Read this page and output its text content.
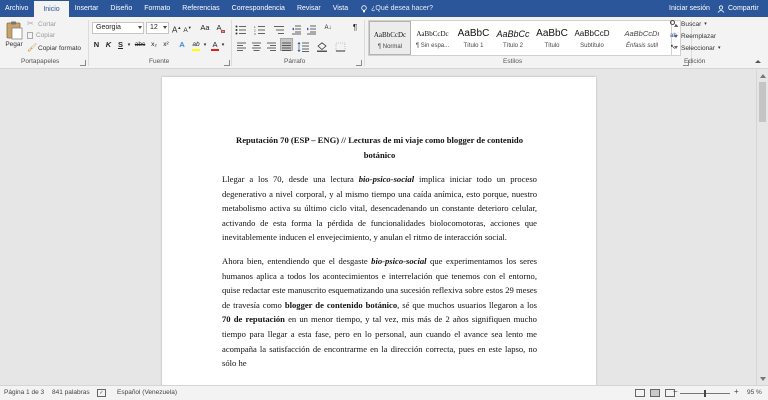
Archivo	Inicio	Insertar	Diseño	Formato	Referencias	Correspondencia	Revisar	Vista	¿Qué desea hacer?	Iniciar sesión	Compartir
Pegar
✂ Cortar
Copiar
🖌 Copiar formato
Portapapeles
Georgia	12	A▲ A▼	Aa A
N K S ▾ abc x₂ x²	A	ab ▾ A ▾
Fuente
1
2
3
A↓	¶
Párrafo
AaBbCcDc
¶ Normal
AaBbCcDc
¶ Sin espa...
AaBbC
Título 1
AaBbCc
Título 2
AaBbC
Título
AaBbCcD
Subtítulo
AaBbCcDı
Énfasis sutil
Estilos
Buscar ▾
ab Reemplazar
↖ Seleccionar ▾
Edición
Reputación 70 (ESP – ENG) // Lecturas de mi viaje como blogger de contenido botánico

Llegar a los 70, desde una lectura bio-psico-social implica iniciar todo un proceso degenerativo a nivel corporal, y al mismo tiempo una caída anímica, esto porque, nuestro metabolismo activa su último ciclo vital, desencadenando un constante deterioro celular, activando de esta forma la pérdida de funcionalidades biolocomotoras, acciones que inevitablemente inducen el envejecimiento, y anulan el ritmo de interacción social.

Ahora bien, entendiendo que el desgaste bio-psico-social que experimentamos los seres humanos aplica a todos los acontecimientos e interrelación que tenemos con el entorno, quise redactar este manuscrito esquematizando una sucesión reflexiva sobre estos 29 meses de travesía como blogger de contenido botánico, sé que muchos usuarios llegaron a los 70 de reputación en un menor tiempo, y tal vez, mis más de 2 años signifiquen mucho tiempo para llegar a esta fase, pero en lo personal, aun cuando el avance sea lento me acompaña la satisfacción de encontrarme en la dirección correcta, pues en este lapso, no sólo he

Página 1 de 3 841 palabras	✓	Español (Venezuela)	−	+ 95 %
